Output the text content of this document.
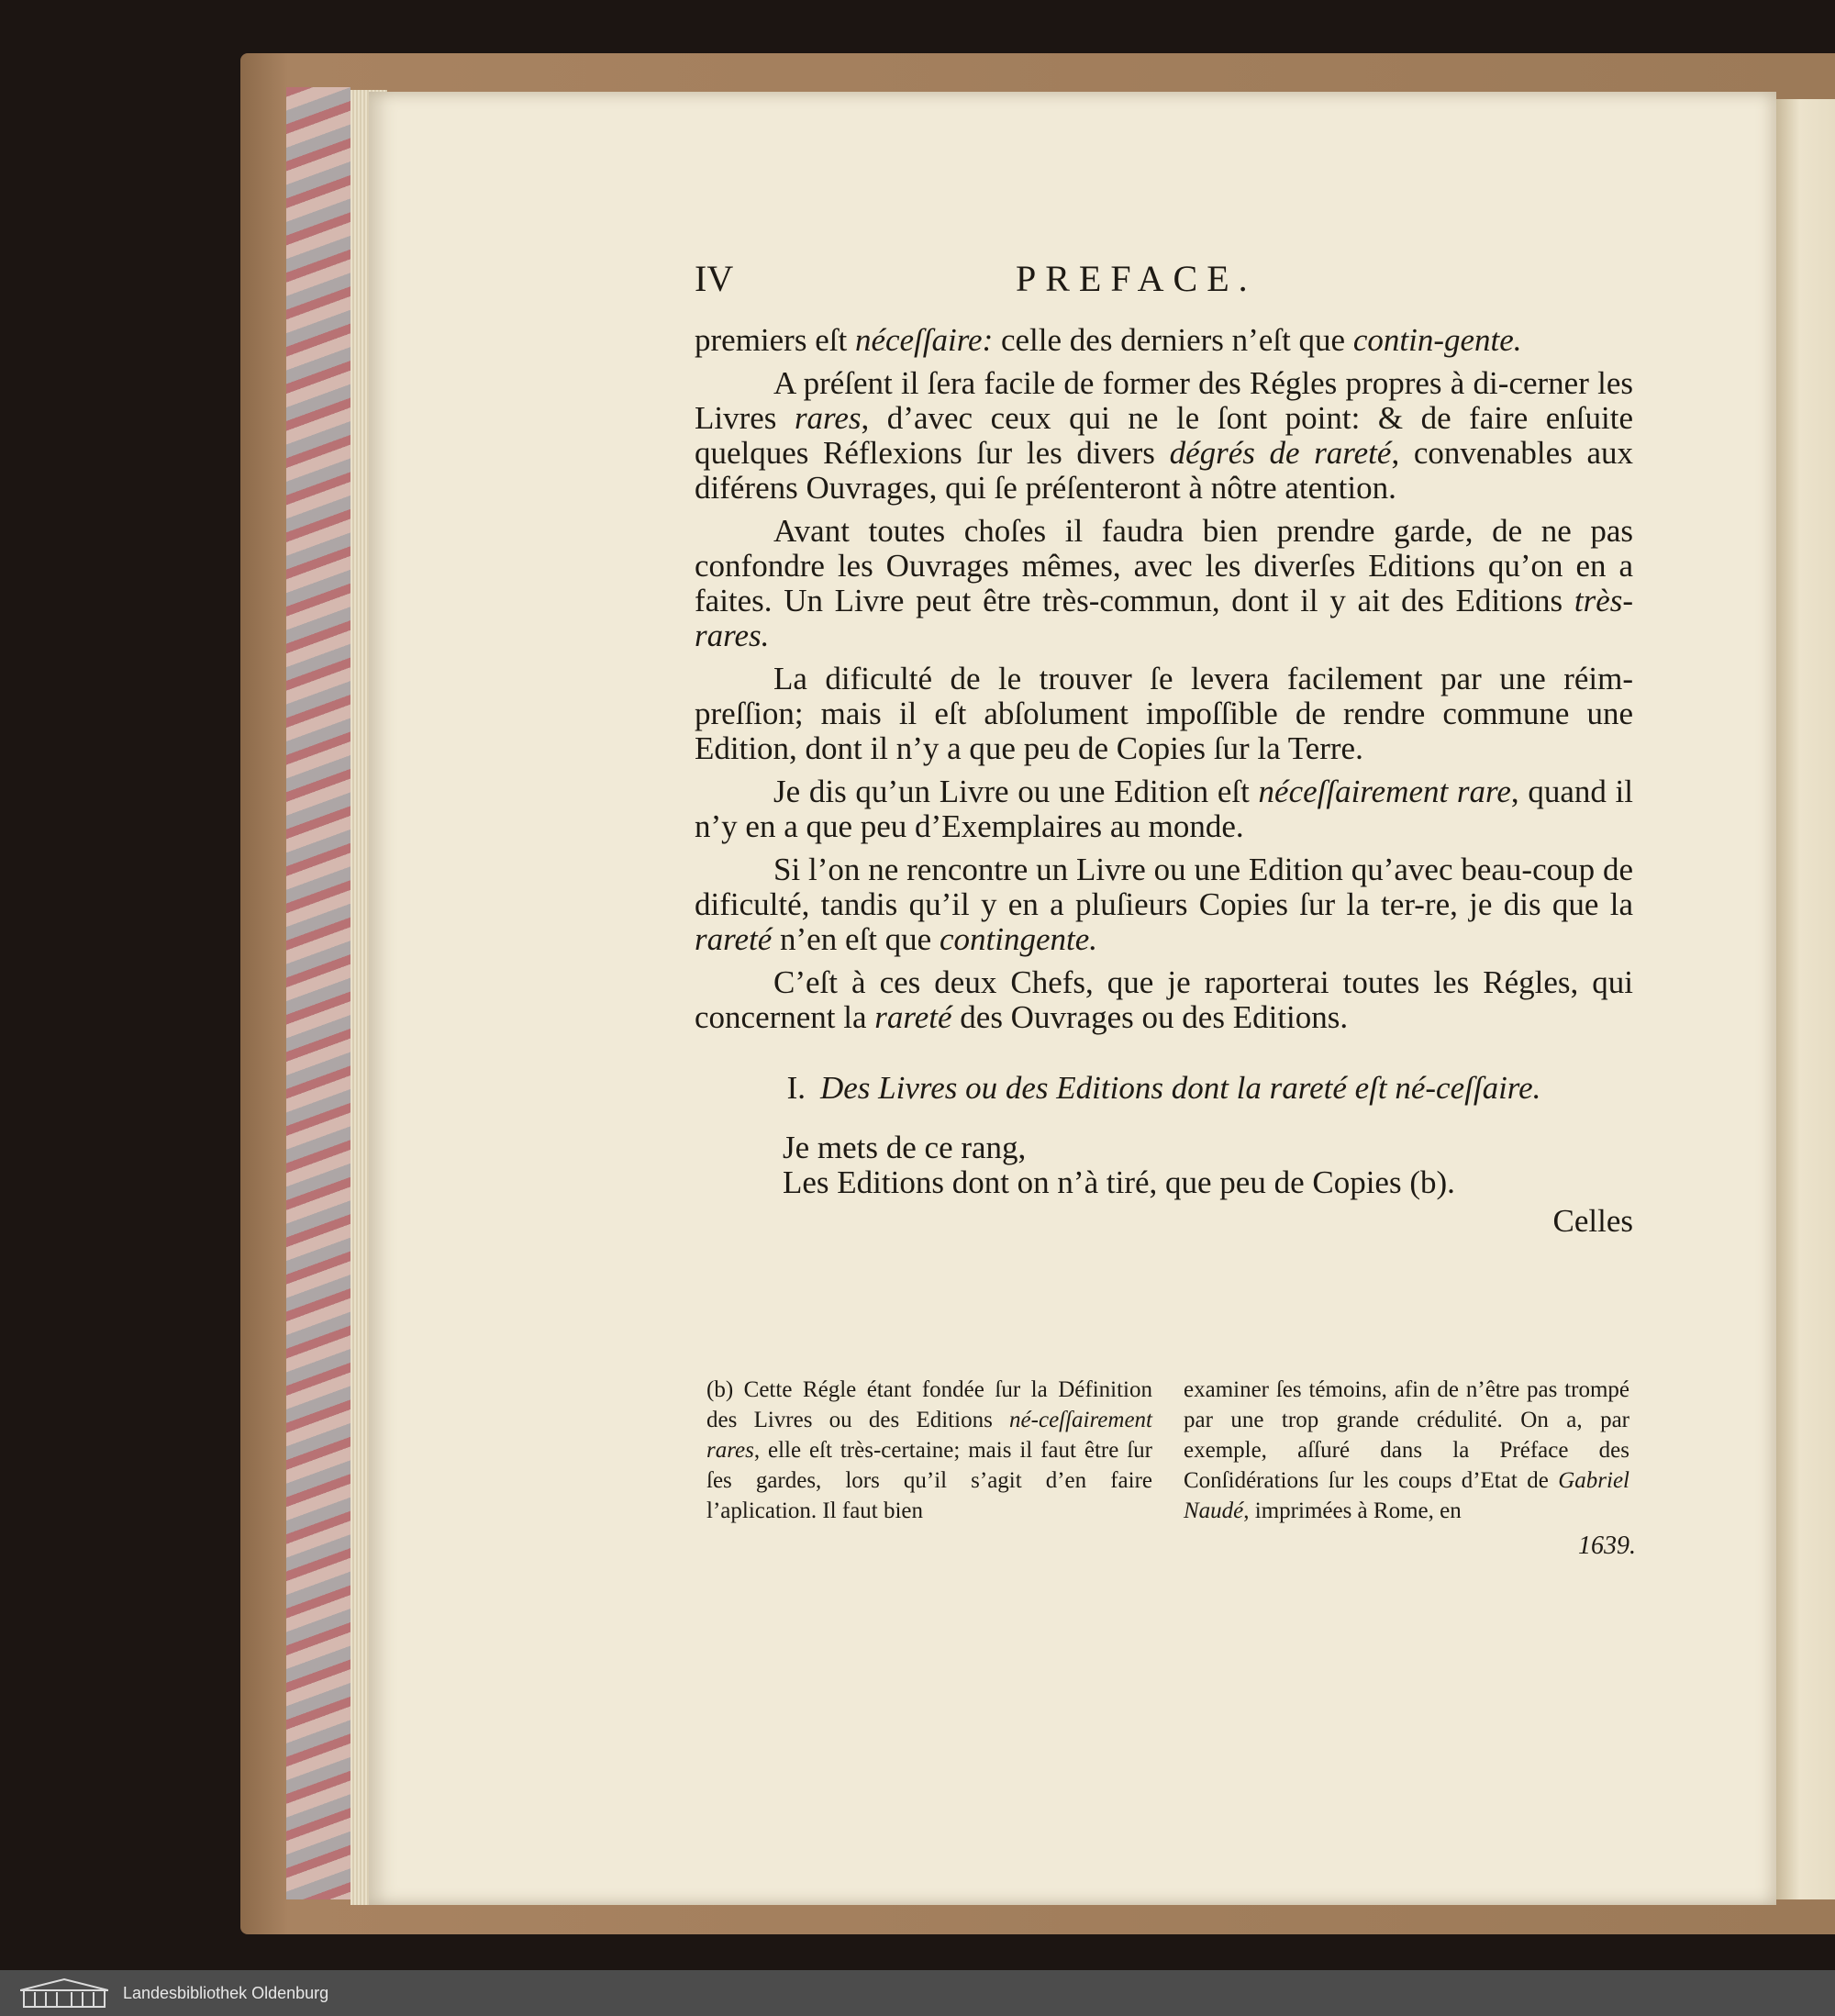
IV	PREFACE.

premiers eſt néceſſaire: celle des derniers n’eſt que contin-gente.

A préſent il ſera facile de former des Régles propres à di-cerner les Livres rares, d’avec ceux qui ne le ſont point: & de faire enſuite quelques Réflexions ſur les divers dégrés de rareté, convenables aux diférens Ouvrages, qui ſe préſenteront à nôtre atention.

Avant toutes choſes il faudra bien prendre garde, de ne pas confondre les Ouvrages mêmes, avec les diverſes Editions qu’on en a faites. Un Livre peut être très-commun, dont il y ait des Editions très-rares.

La dificulté de le trouver ſe levera facilement par une réim-preſſion; mais il eſt abſolument impoſſible de rendre commune une Edition, dont il n’y a que peu de Copies ſur la Terre.

Je dis qu’un Livre ou une Edition eſt néceſſairement rare, quand il n’y en a que peu d’Exemplaires au monde.

Si l’on ne rencontre un Livre ou une Edition qu’avec beau-coup de dificulté, tandis qu’il y en a pluſieurs Copies ſur la ter-re, je dis que la rareté n’en eſt que contingente.

C’eſt à ces deux Chefs, que je raporterai toutes les Régles, qui concernent la rareté des Ouvrages ou des Editions.

I. Des Livres ou des Editions dont la rareté eſt né-ceſſaire.
Je mets de ce rang,
Les Editions dont on n’à tiré, que peu de Copies (b).
Celles
(b) Cette Régle étant fondée ſur la Définition des Livres ou des Editions né-ceſſairement rares, elle eſt très-certaine; mais il faut être ſur ſes gardes, lors qu’il s’agit d’en faire l’aplication. Il faut bien
examiner ſes témoins, afin de n’être pas trompé par une trop grande crédulité. On a, par exemple, aſſuré dans la Préface des Conſidérations ſur les coups d’Etat de Gabriel Naudé, imprimées à Rome, en
1639.
Landesbibliothek Oldenburg
